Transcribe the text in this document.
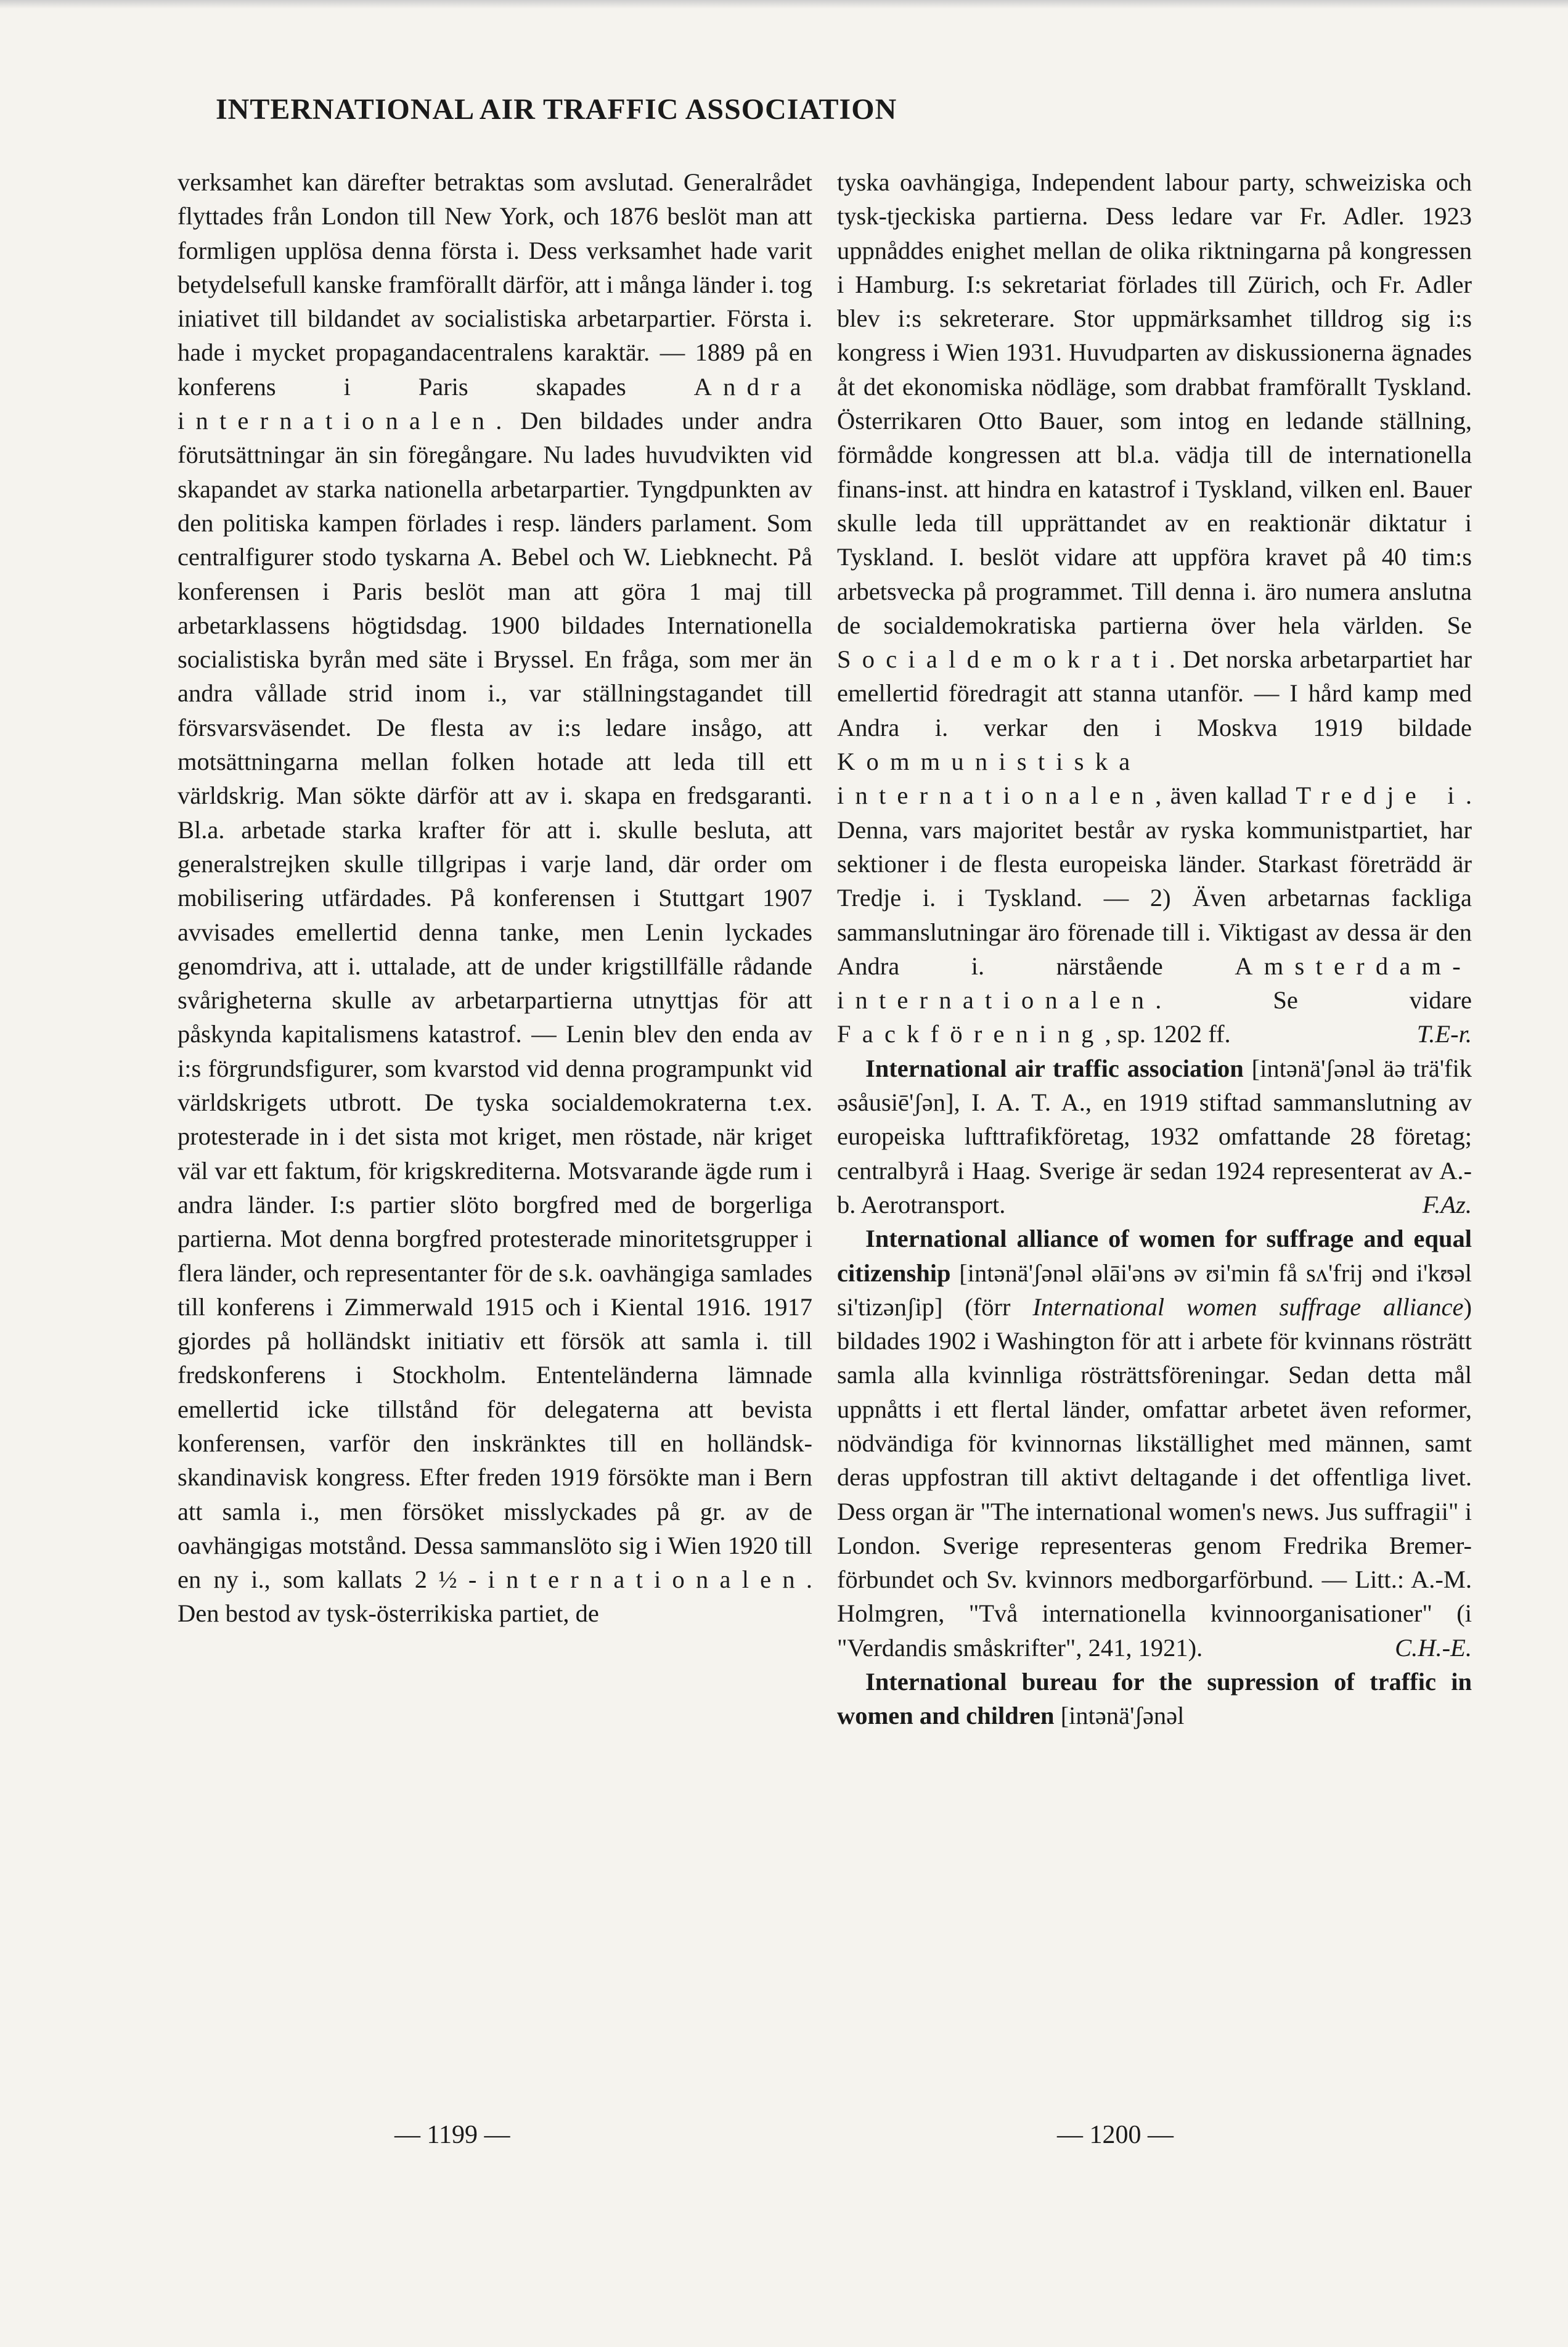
INTERNATIONAL AIR TRAFFIC ASSOCIATION

verksamhet kan därefter betraktas som avslutad. Generalrådet flyttades från London till New York, och 1876 beslöt man att formligen upplösa denna första i. Dess verksamhet hade varit betydelsefull kanske framförallt därför, att i många länder i. tog iniativet till bildandet av socialistiska arbetarpartier. Första i. hade i mycket propagandacentralens karaktär. — 1889 på en konferens i Paris skapades Andra internationalen. Den bildades under andra förutsättningar än sin föregångare. Nu lades huvudvikten vid skapandet av starka nationella arbetarpartier. Tyngdpunkten av den politiska kampen förlades i resp. länders parlament. Som centralfigurer stodo tyskarna A. Bebel och W. Liebknecht. På konferensen i Paris beslöt man att göra 1 maj till arbetarklassens högtidsdag. 1900 bildades Internationella socialistiska byrån med säte i Bryssel. En fråga, som mer än andra vållade strid inom i., var ställningstagandet till försvarsväsendet. De flesta av i:s ledare insågo, att motsättningarna mellan folken hotade att leda till ett världskrig. Man sökte därför att av i. skapa en fredsgaranti. Bl.a. arbetade starka krafter för att i. skulle besluta, att generalstrejken skulle tillgripas i varje land, där order om mobilisering utfärdades. På konferensen i Stuttgart 1907 avvisades emellertid denna tanke, men Lenin lyckades genomdriva, att i. uttalade, att de under krigstillfälle rådande svårigheterna skulle av arbetarpartierna utnyttjas för att påskynda kapitalismens katastrof. — Lenin blev den enda av i:s förgrundsfigurer, som kvarstod vid denna programpunkt vid världskrigets utbrott. De tyska socialdemokraterna t.ex. protesterade in i det sista mot kriget, men röstade, när kriget väl var ett faktum, för krigskrediterna. Motsvarande ägde rum i andra länder. I:s partier slöto borgfred med de borgerliga partierna. Mot denna borgfred protesterade minoritetsgrupper i flera länder, och representanter för de s.k. oavhängiga samlades till konferens i Zimmerwald 1915 och i Kiental 1916. 1917 gjordes på holländskt initiativ ett försök att samla i. till fredskonferens i Stockholm. Ententeländerna lämnade emellertid icke tillstånd för delegaterna att bevista konferensen, varför den inskränktes till en holländsk-skandinavisk kongress. Efter freden 1919 försökte man i Bern att samla i., men försöket misslyckades på gr. av de oavhängigas motstånd. Dessa sammanslöto sig i Wien 1920 till en ny i., som kallats 2½-internationalen. Den bestod av tysk-österrikiska partiet, de

tyska oavhängiga, Independent labour party, schweiziska och tysk-tjeckiska partierna. Dess ledare var Fr. Adler. 1923 uppnåddes enighet mellan de olika riktningarna på kongressen i Hamburg. I:s sekretariat förlades till Zürich, och Fr. Adler blev i:s sekreterare. Stor uppmärksamhet tilldrog sig i:s kongress i Wien 1931. Huvudparten av diskussionerna ägnades åt det ekonomiska nödläge, som drabbat framförallt Tyskland. Österrikaren Otto Bauer, som intog en ledande ställning, förmådde kongressen att bl.a. vädja till de internationella finans-inst. att hindra en katastrof i Tyskland, vilken enl. Bauer skulle leda till upprättandet av en reaktionär diktatur i Tyskland. I. beslöt vidare att uppföra kravet på 40 tim:s arbetsvecka på programmet. Till denna i. äro numera anslutna de socialdemokratiska partierna över hela världen. Se Socialdemokrati. Det norska arbetarpartiet har emellertid föredragit att stanna utanför. — I hård kamp med Andra i. verkar den i Moskva 1919 bildade Kommunistiska internationalen, även kallad Tredje i. Denna, vars majoritet består av ryska kommunistpartiet, har sektioner i de flesta europeiska länder. Starkast företrädd är Tredje i. i Tyskland. — 2) Även arbetarnas fackliga sammanslutningar äro förenade till i. Viktigast av dessa är den Andra i. närstående Amsterdam-internationalen. Se vidare Fackförening, sp. 1202 ff.	T.E-r.

International air traffic association [intənä'ʃənəl äə trä'fik əsåusiē'ʃən], I. A. T. A., en 1919 stiftad sammanslutning av europeiska lufttrafikföretag, 1932 omfattande 28 företag; centralbyrå i Haag. Sverige är sedan 1924 representerat av A.-b. Aerotransport.	F.Az.

International alliance of women for suffrage and equal citizenship [intənä'ʃənəl əlāi'əns əv ʊi'min få sʌ'frij ənd i'kʊəl si'tizənʃip] (förr International women suffrage alliance) bildades 1902 i Washington för att i arbete för kvinnans rösträtt samla alla kvinnliga rösträttsföreningar. Sedan detta mål uppnåtts i ett flertal länder, omfattar arbetet även reformer, nödvändiga för kvinnornas likställighet med männen, samt deras uppfostran till aktivt deltagande i det offentliga livet. Dess organ är "The international women's news. Jus suffragii" i London. Sverige representeras genom Fredrika Bremer-förbundet och Sv. kvinnors medborgarförbund. — Litt.: A.-M. Holmgren, "Två internationella kvinnoorganisationer" (i "Verdandis småskrifter", 241, 1921).	C.H.-E.

International bureau for the supression of traffic in women and children [intənä'ʃənəl

— 1199 —	— 1200 —
